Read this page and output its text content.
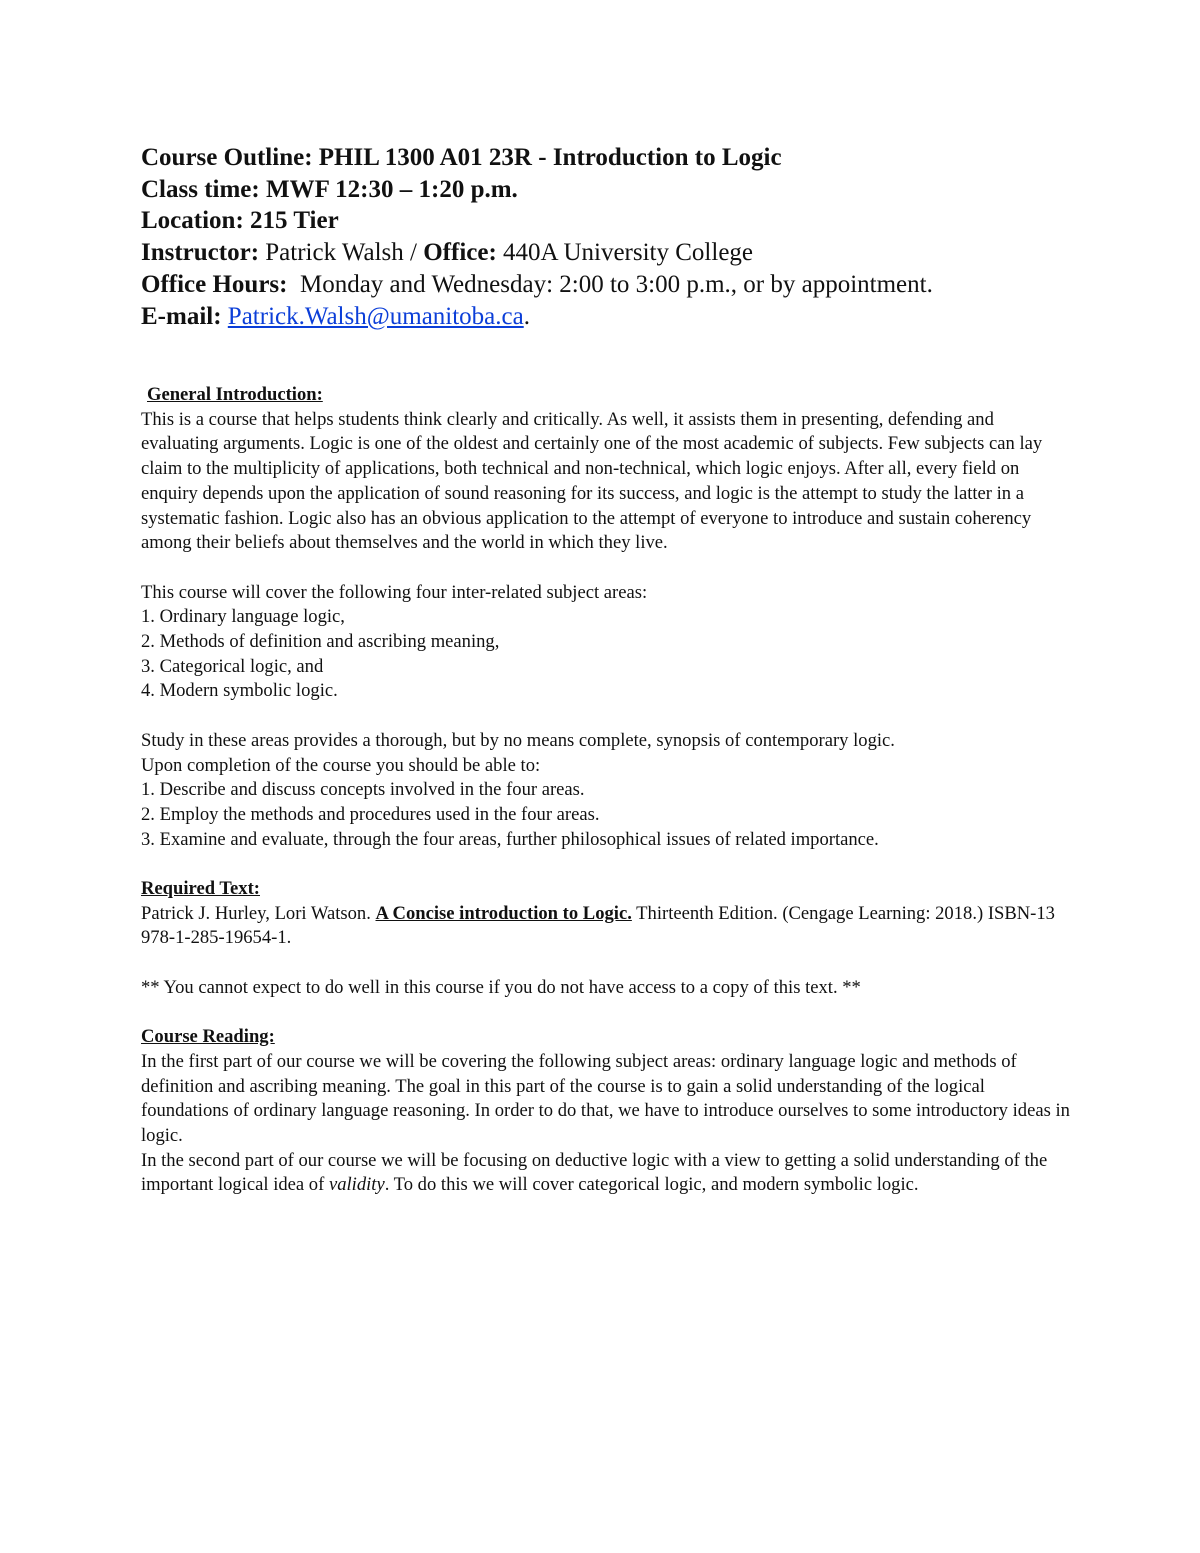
Course Outline: PHIL 1300 A01 23R - Introduction to Logic
Class time: MWF 12:30 – 1:20 p.m.
Location: 215 Tier
Instructor: Patrick Walsh / Office: 440A University College
Office Hours:  Monday and Wednesday: 2:00 to 3:00 p.m., or by appointment.
E-mail: Patrick.Walsh@umanitoba.ca.

General Introduction:

This is a course that helps students think clearly and critically. As well, it assists them in presenting, defending and evaluating arguments. Logic is one of the oldest and certainly one of the most academic of subjects. Few subjects can lay claim to the multiplicity of applications, both technical and non-technical, which logic enjoys. After all, every field on enquiry depends upon the application of sound reasoning for its success, and logic is the attempt to study the latter in a systematic fashion. Logic also has an obvious application to the attempt of everyone to introduce and sustain coherency among their beliefs about themselves and the world in which they live.

This course will cover the following four inter-related subject areas:

1. Ordinary language logic,

2. Methods of definition and ascribing meaning,

3. Categorical logic, and

4. Modern symbolic logic.

Study in these areas provides a thorough, but by no means complete, synopsis of contemporary logic.

Upon completion of the course you should be able to:

1. Describe and discuss concepts involved in the four areas.

2. Employ the methods and procedures used in the four areas.

3. Examine and evaluate, through the four areas, further philosophical issues of related importance.

Required Text:

Patrick J. Hurley, Lori Watson. A Concise introduction to Logic. Thirteenth Edition. (Cengage Learning: 2018.) ISBN-13 978-1-285-19654-1.

** You cannot expect to do well in this course if you do not have access to a copy of this text. **

Course Reading:

In the first part of our course we will be covering the following subject areas: ordinary language logic and methods of definition and ascribing meaning. The goal in this part of the course is to gain a solid understanding of the logical foundations of ordinary language reasoning. In order to do that, we have to introduce ourselves to some introductory ideas in logic.

In the second part of our course we will be focusing on deductive logic with a view to getting a solid understanding of the important logical idea of validity. To do this we will cover categorical logic, and modern symbolic logic.
